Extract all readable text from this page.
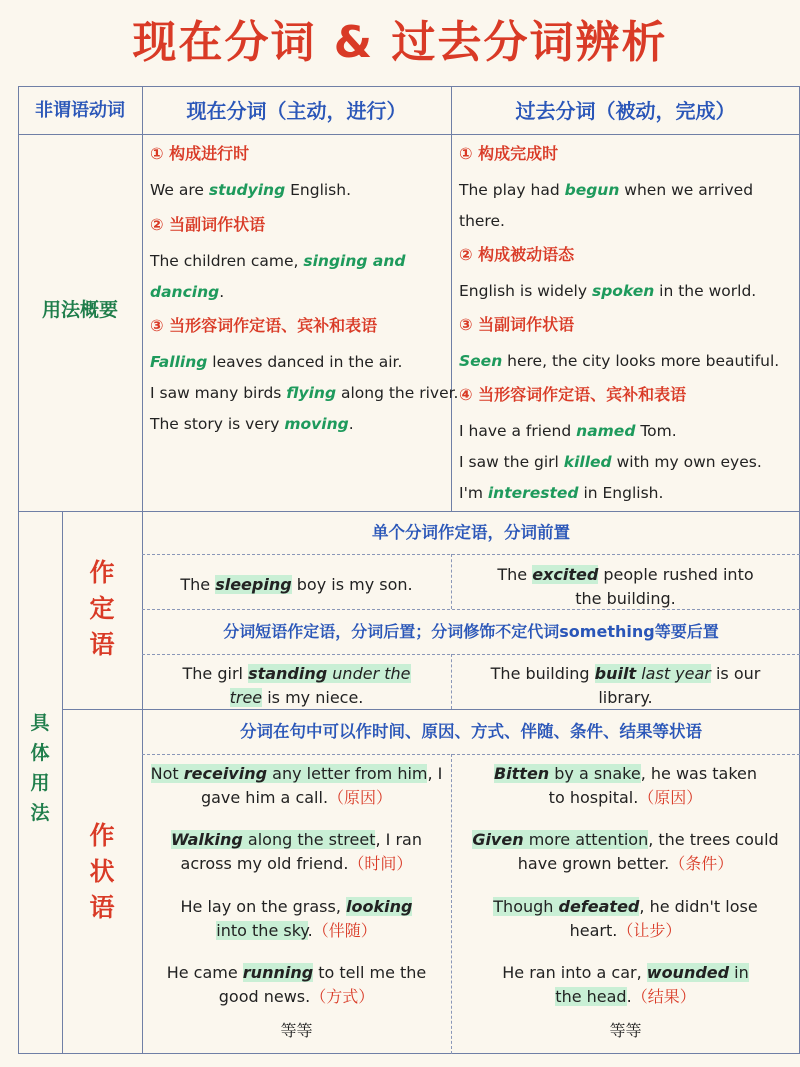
现在分词 & 过去分词辨析
非谓语动词	现在分词（主动，进行）	过去分词（被动，完成）
用法概要
① 构成进行时
We are studying English.
② 当副词作状语
The children came, singing and
dancing.
③ 当形容词作定语、宾补和表语
Falling leaves danced in the air.
I saw many birds flying along the river.
The story is very moving.
① 构成完成时
The play had begun when we arrived
there.
② 构成被动语态
English is widely spoken in the world.
③ 当副词作状语
Seen here, the city looks more beautiful.
④ 当形容词作定语、宾补和表语
I have a friend named Tom.
I saw the girl killed with my own eyes.
I'm interested in English.
具
体
用
法
作
定
语
作
状
语
单个分词作定语，分词前置
分词短语作定语，分词后置；分词修饰不定代词something等要后置
分词在句中可以作时间、原因、方式、伴随、条件、结果等状语
The sleeping boy is my son.
The excited people rushed into
the building.
The girl standing under the
tree is my niece.
The building built last year is our
library.
Not receiving any letter from him, I
gave him a call.（原因）
Walking along the street, I ran
across my old friend.（时间）
He lay on the grass, looking
into the sky.（伴随）
He came running to tell me the
good news.（方式）
等等
Bitten by a snake, he was taken
to hospital.（原因）
Given more attention, the trees could
have grown better.（条件）
Though defeated, he didn't lose
heart.（让步）
He ran into a car, wounded in
the head.（结果）
等等
